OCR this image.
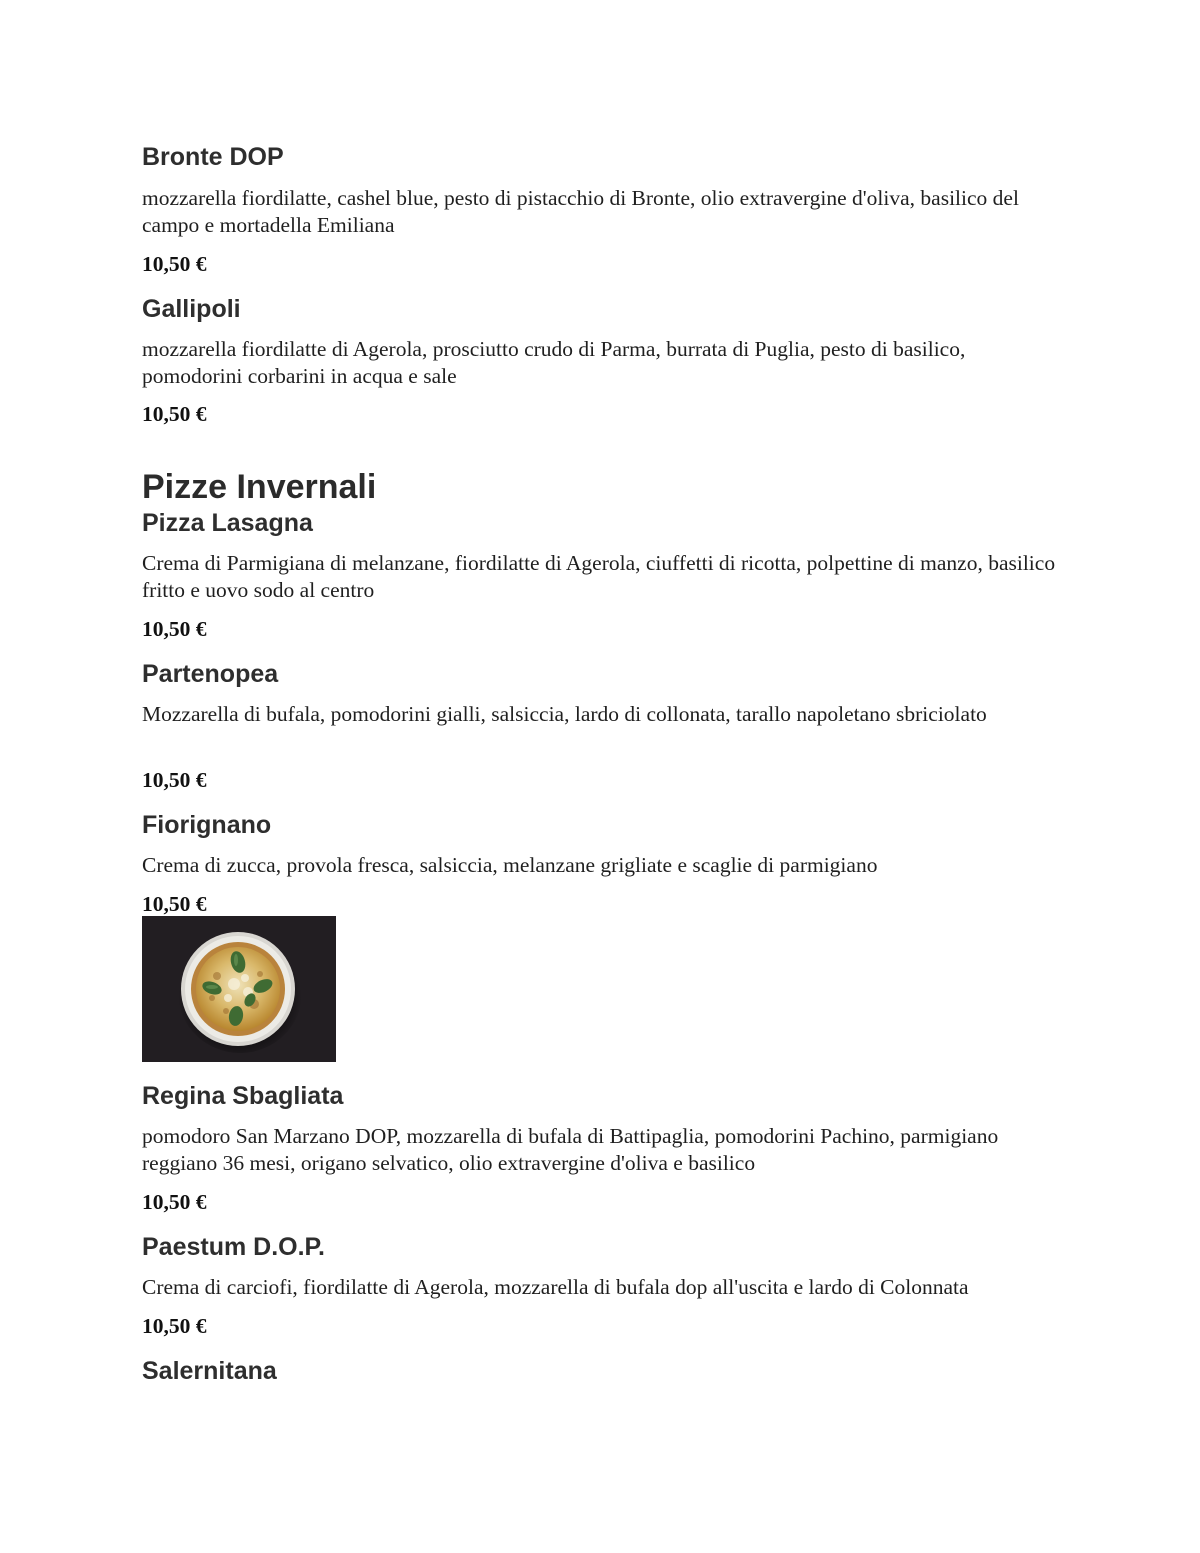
Bronte DOP

mozzarella fiordilatte, cashel blue, pesto di pistacchio di Bronte, olio extravergine d'oliva, basilico del campo e mortadella Emiliana

10,50 €

Gallipoli

mozzarella fiordilatte di Agerola, prosciutto crudo di Parma, burrata di Puglia, pesto di basilico, pomodorini corbarini in acqua e sale

10,50 €

Pizze Invernali
Pizza Lasagna

Crema di Parmigiana di melanzane, fiordilatte di Agerola, ciuffetti di ricotta, polpettine di manzo, basilico fritto e uovo sodo al centro

10,50 €

Partenopea

Mozzarella di bufala, pomodorini gialli, salsiccia, lardo di collonata, tarallo napoletano sbriciolato

10,50 €

Fiorignano

Crema di zucca, provola fresca, salsiccia, melanzane grigliate e scaglie di parmigiano

10,50 €

Regina Sbagliata

pomodoro San Marzano DOP, mozzarella di bufala di Battipaglia, pomodorini Pachino, parmigiano reggiano 36 mesi, origano selvatico, olio extravergine d'oliva e basilico

10,50 €

Paestum D.O.P.

Crema di carciofi, fiordilatte di Agerola, mozzarella di bufala dop all'uscita e lardo di Colonnata

10,50 €

Salernitana
